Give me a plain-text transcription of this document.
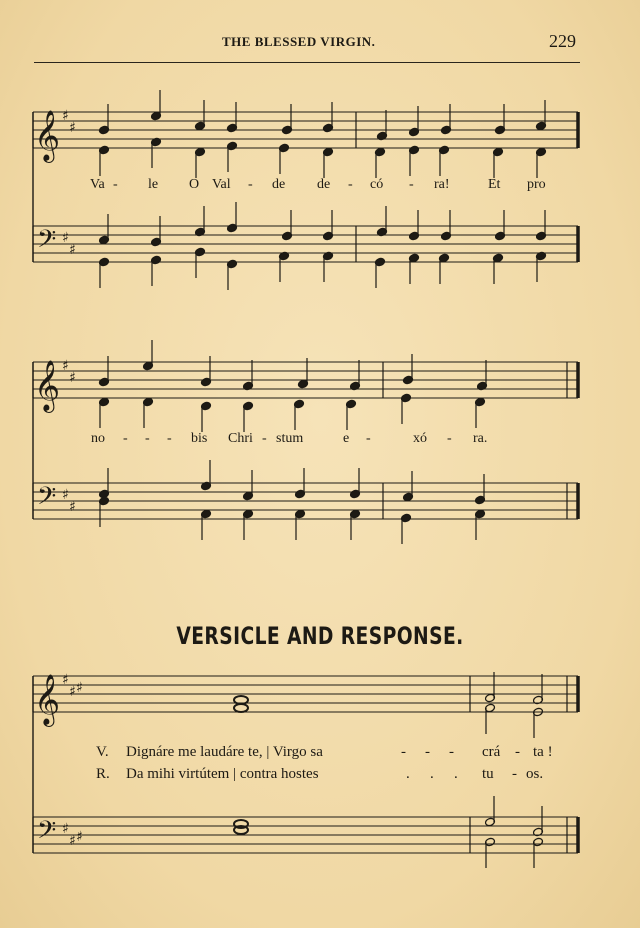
THE BLESSED VIRGIN.	229
𝄞 ♯
♯
𝄢 ♯
♯
𝄞 ♯
♯
𝄢 ♯
♯
𝄞 ♯
♯ ♯
𝄢 ♯
♯ ♯
Va - le O Val - de de - có - ra!	Et pro
no - - - bis Chri - stum	e -	xó - ra.
VERSICLE AND RESPONSE.
V. Dignáre me laudáre te, | Virgo sa	- - - crá - ta !
R. Da mihi virtútem | contra hostes	. . . tu - os.
